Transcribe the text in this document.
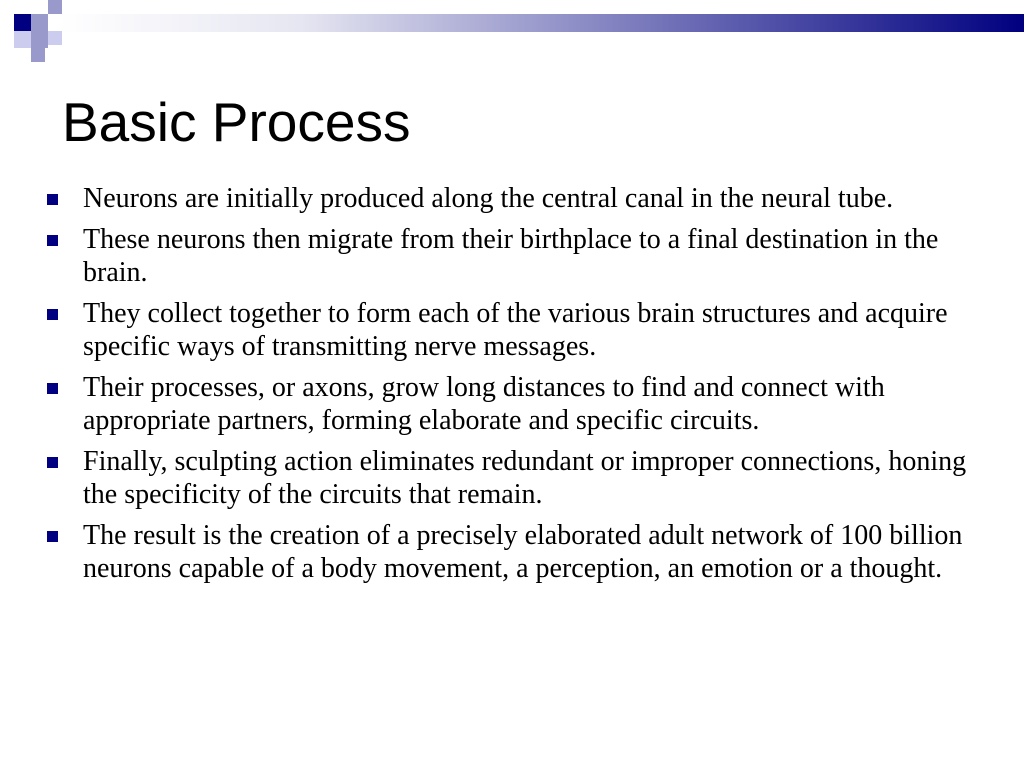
Basic Process
Neurons are initially produced along the central canal in the neural tube.
These neurons then migrate from their birthplace to a final destination in the brain.
They collect together to form each of the various brain structures and acquire specific ways of transmitting nerve messages.
Their processes, or axons, grow long distances to find and connect with appropriate partners, forming elaborate and specific circuits.
Finally, sculpting action eliminates redundant or improper connections, honing the specificity of the circuits that remain.
The result is the creation of a precisely elaborated adult network of 100 billion neurons capable of a body movement, a perception, an emotion or a thought.
